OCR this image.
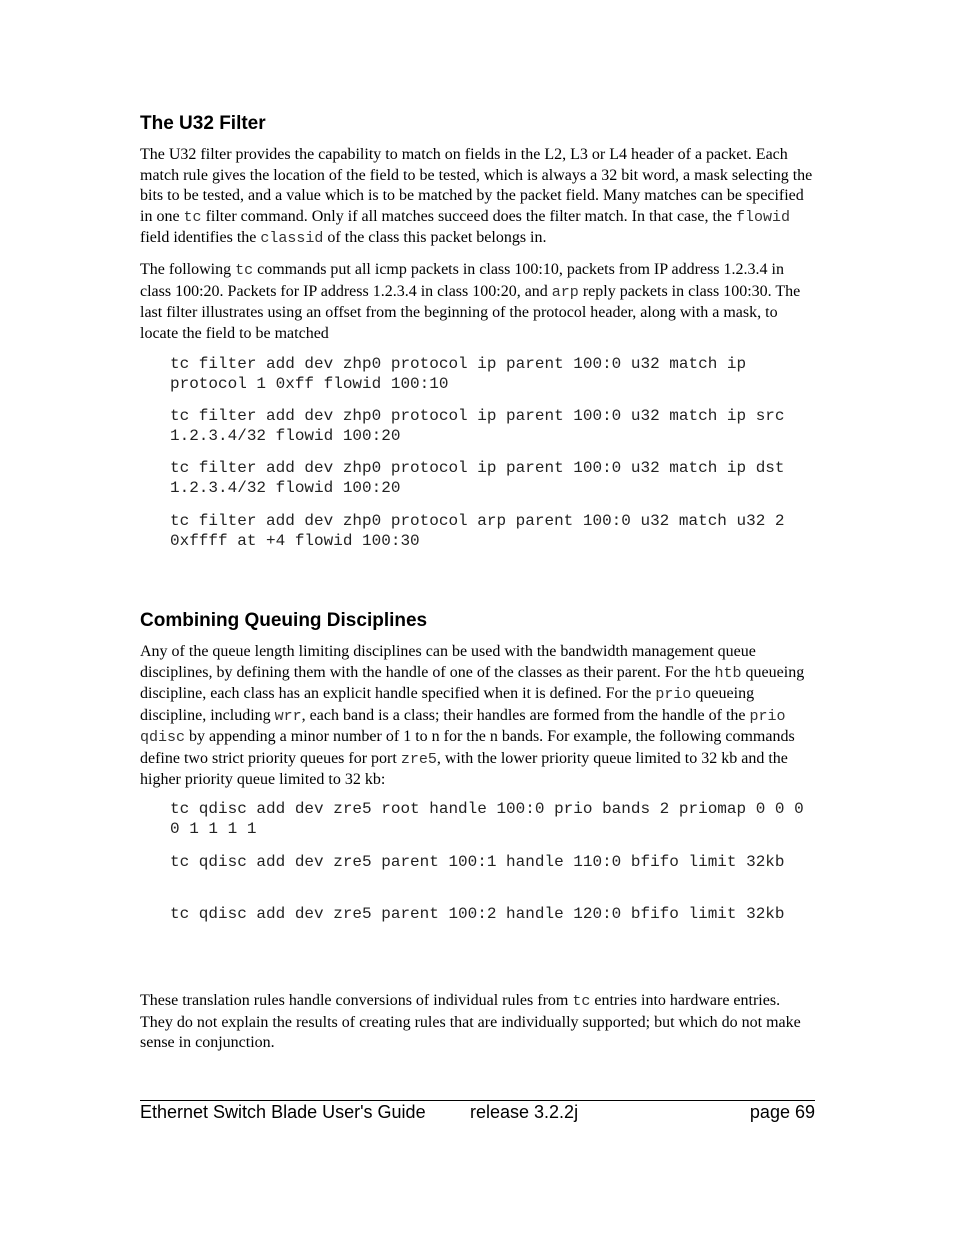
The U32 Filter

The U32 filter provides the capability to match on fields in the L2, L3 or L4 header of a packet. Each match rule gives the location of the field to be tested, which is always a 32 bit word, a mask selecting the bits to be tested, and a value which is to be matched by the packet field. Many matches can be specified in one tc filter command. Only if all matches succeed does the filter match. In that case, the flowid field identifies the classid of the class this packet belongs in.

The following tc commands put all icmp packets in class 100:10, packets from IP address 1.2.3.4 in class 100:20. Packets for IP address 1.2.3.4 in class 100:20, and arp reply packets in class 100:30. The last filter illustrates using an offset from the beginning of the protocol header, along with a mask, to locate the field to be matched

tc filter add dev zhp0 protocol ip parent 100:0 u32 match ip protocol 1 0xff flowid 100:10
tc filter add dev zhp0 protocol ip parent 100:0 u32 match ip src 1.2.3.4/32 flowid 100:20
tc filter add dev zhp0 protocol ip parent 100:0 u32 match ip dst 1.2.3.4/32 flowid 100:20
tc filter add dev zhp0 protocol arp parent 100:0 u32 match u32 2 0xffff at +4 flowid 100:30
Combining Queuing Disciplines

Any of the queue length limiting disciplines can be used with the bandwidth management queue disciplines, by defining them with the handle of one of the classes as their parent. For the htb queueing discipline, each class has an explicit handle specified when it is defined. For the prio queueing discipline, including wrr, each band is a class; their handles are formed from the handle of the prio qdisc by appending a minor number of 1 to n for the n bands. For example, the following commands define two strict priority queues for port zre5, with the lower priority queue limited to 32 kb and the higher priority queue limited to 32 kb:

tc qdisc add dev zre5 root handle 100:0 prio bands 2 priomap 0 0 0 0 1 1 1 1
tc qdisc add dev zre5 parent 100:1 handle 110:0 bfifo limit 32kb
tc qdisc add dev zre5 parent 100:2 handle 120:0 bfifo limit 32kb

These translation rules handle conversions of individual rules from tc entries into hardware entries. They do not explain the results of creating rules that are individually supported; but which do not make sense in conjunction.

Ethernet Switch Blade User's Guide release 3.2.2j	page 69
